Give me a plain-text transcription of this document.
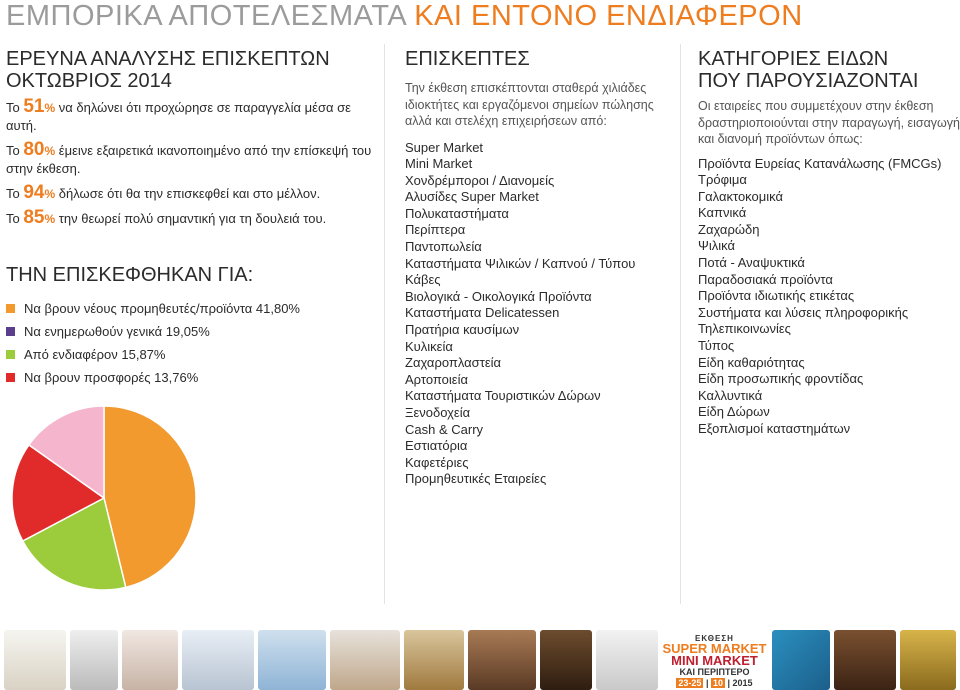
ΕΜΠΟΡΙΚΑ ΑΠΟΤΕΛΕΣΜΑΤΑ ΚΑΙ ΕΝΤΟΝΟ ΕΝΔΙΑΦΕΡΟΝ
ΕΡΕΥΝΑ ΑΝΑΛΥΣΗΣ ΕΠΙΣΚΕΠΤΩΝ
ΟΚΤΩΒΡΙΟΣ 2014
Το 51% να δηλώνει ότι προχώρησε σε παραγγελία μέσα σε αυτή.
Το 80% έμεινε εξαιρετικά ικανοποιημένο από την επίσκεψή του στην έκθεση.
Το 94% δήλωσε ότι θα την επισκεφθεί και στο μέλλον.
Το 85% την θεωρεί πολύ σημαντική για τη δουλειά του.
ΤΗΝ ΕΠΙΣΚΕΦΘΗΚΑΝ ΓΙΑ:
Να βρουν νέους προμηθευτές/προϊόντα 41,80%
Να ενημερωθούν γενικά 19,05%
Από ενδιαφέρον 15,87%
Να βρουν προσφορές 13,76%
ΕΠΙΣΚΕΠΤΕΣ
Την έκθεση επισκέπτονται σταθερά χιλιάδες ιδιοκτήτες και εργαζόμενοι σημείων πώλησης αλλά και στελέχη επιχειρήσεων από:
Super Market
Mini Market
Χονδρέμποροι / Διανομείς
Αλυσίδες Super Market
Πολυκαταστήματα
Περίπτερα
Παντοπωλεία
Καταστήματα Ψιλικών / Καπνού / Τύπου
Κάβες
Βιολογικά - Οικολογικά Προϊόντα
Καταστήματα Delicatessen
Πρατήρια καυσίμων
Κυλικεία
Ζαχαροπλαστεία
Αρτοποιεία
Καταστήματα Τουριστικών Δώρων
Ξενοδοχεία
Cash & Carry
Εστιατόρια
Καφετέριες
Προμηθευτικές Εταιρείες
ΚΑΤΗΓΟΡΙΕΣ ΕΙΔΩΝ
ΠΟΥ ΠΑΡΟΥΣΙΑΖΟΝΤΑΙ
Οι εταιρείες που συμμετέχουν στην έκθεση δραστηριοποιούνται στην παραγωγή, εισαγωγή και διανομή προϊόντων όπως:
Προϊόντα Ευρείας Κατανάλωσης (FMCGs)
Τρόφιμα
Γαλακτοκομικά
Καπνικά
Ζαχαρώδη
Ψιλικά
Ποτά - Αναψυκτικά
Παραδοσιακά προϊόντα
Προϊόντα ιδιωτικής ετικέτας
Συστήματα και λύσεις πληροφορικής
Τηλεπικοινωνίες
Τύπος
Είδη καθαριότητας
Είδη προσωπικής φροντίδας
Καλλυντικά
Είδη Δώρων
Εξοπλισμοί καταστημάτων
ΕΚΘΕΣΗ
SUPER MARKET
MINI MARKET
ΚΑΙ ΠΕΡΙΠΤΕΡΟ
23-25 | 10 | 2015
